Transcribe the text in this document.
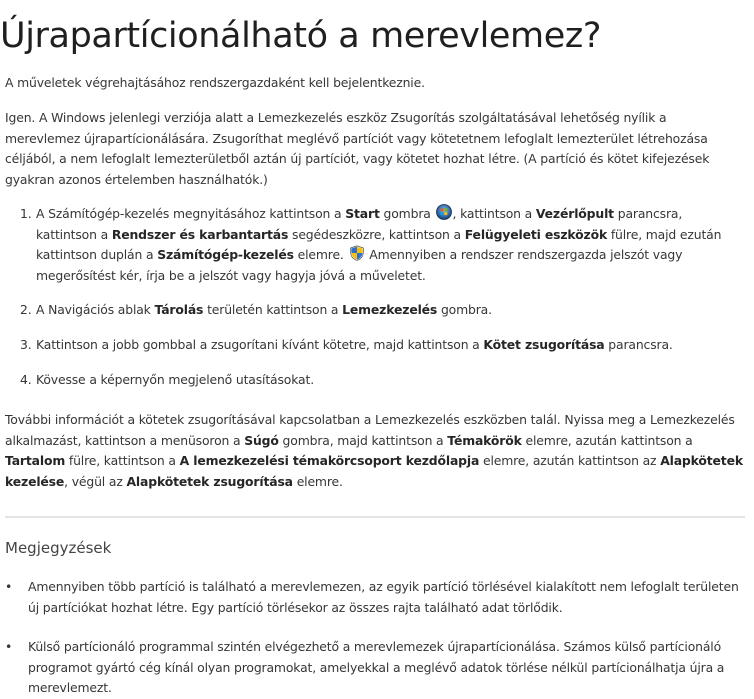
Újrapartícionálható a merevlemez?

A műveletek végrehajtásához rendszergazdaként kell bejelentkeznie.

Igen. A Windows jelenlegi verziója alatt a Lemezkezelés eszköz Zsugorítás szolgáltatásával lehetőség nyílik a merevlemez újrapartícionálására. Zsugoríthat meglévő partíciót vagy kötetetnem lefoglalt lemezterület létrehozása céljából, a nem lefoglalt lemezterületből aztán új partíciót, vagy kötetet hozhat létre. (A partíció és kötet kifejezések gyakran azonos értelemben használhatók.)

1. A Számítógép-kezelés megnyitásához kattintson a Start gombra , kattintson a Vezérlőpult parancsra, kattintson a Rendszer és karbantartás segédeszközre, kattintson a Felügyeleti eszközök fülre, majd ezután kattintson duplán a Számítógép-kezelés elemre.  Amennyiben a rendszer rendszergazda jelszót vagy megerősítést kér, írja be a jelszót vagy hagyja jóvá a műveletet.
2. A Navigációs ablak Tárolás területén kattintson a Lemezkezelés gombra.
3. Kattintson a jobb gombbal a zsugorítani kívánt kötetre, majd kattintson a Kötet zsugorítása parancsra.
4. Kövesse a képernyőn megjelenő utasításokat.

További információt a kötetek zsugorításával kapcsolatban a Lemezkezelés eszközben talál. Nyissa meg a Lemezkezelés alkalmazást, kattintson a menüsoron a Súgó gombra, majd kattintson a Témakörök elemre, azután kattintson a Tartalom fülre, kattintson a A lemezkezelési témakörcsoport kezdőlapja elemre, azután kattintson az Alapkötetek kezelése, végül az Alapkötetek zsugorítása elemre.

Megjegyzések
• Amennyiben több partíció is található a merevlemezen, az egyik partíció törlésével kialakított nem lefoglalt területen új partíciókat hozhat létre. Egy partíció törlésekor az összes rajta található adat törlődik.
• Külső partícionáló programmal szintén elvégezhető a merevlemezek újrapartícionálása. Számos külső partícionáló programot gyártó cég kínál olyan programokat, amelyekkal a meglévő adatok törlése nélkül partícionálhatja újra a merevlemezt.
